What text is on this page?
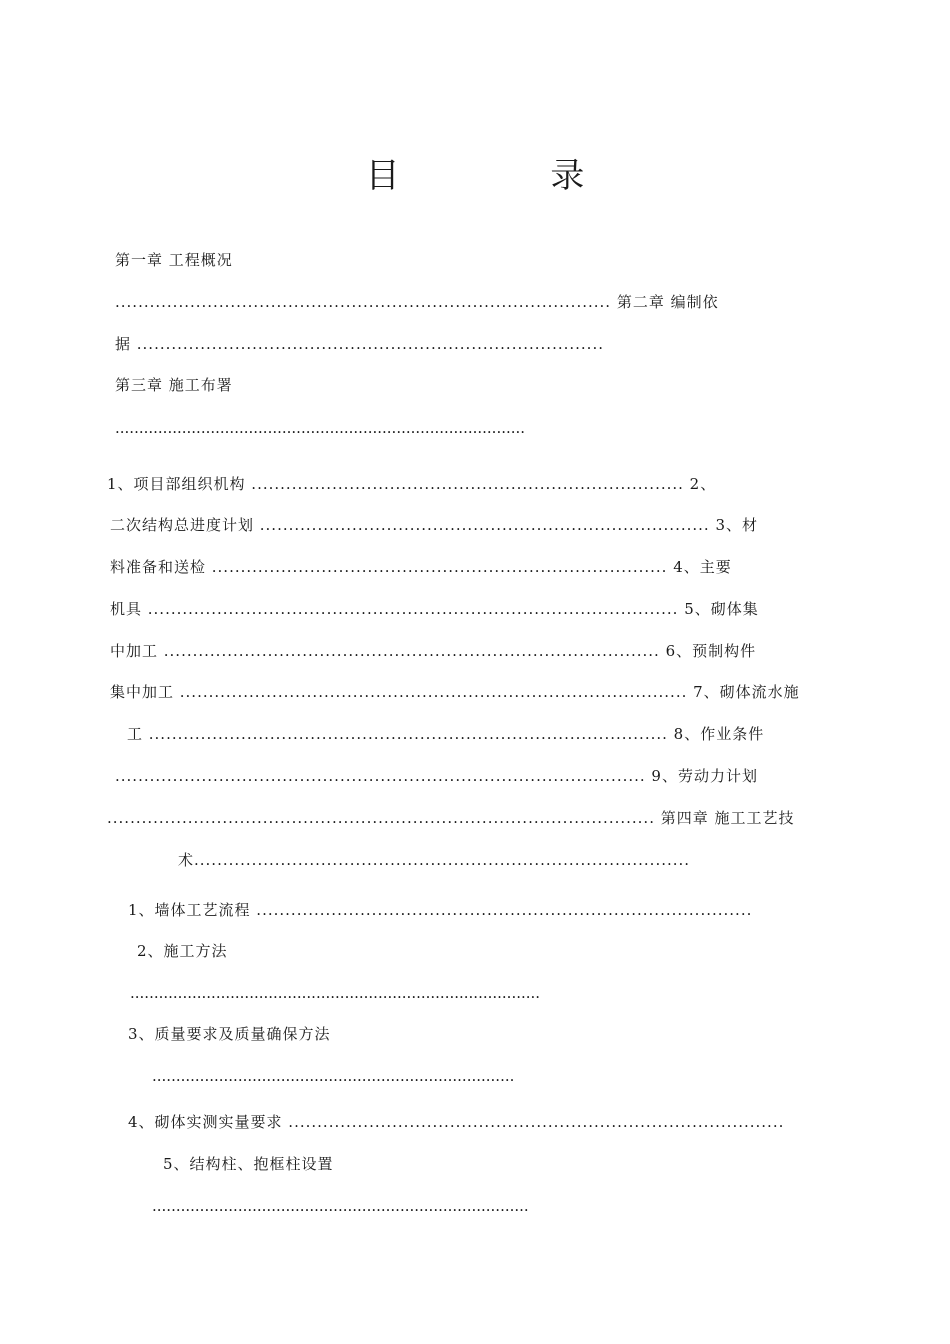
目 录
第一章 工程概况
...................................................................................... 第二章 编制依
据 .................................................................................
第三章 施工布署
......................................................................................
1、项目部组织机构 ........................................................................... 2、
二次结构总进度计划 .............................................................................. 3、材
料准备和送检 ............................................................................... 4、主要
机具 ............................................................................................ 5、砌体集
中加工 ...................................................................................... 6、预制构件
集中加工 ........................................................................................ 7、砌体流水施
工 .......................................................................................... 8、作业条件
............................................................................................ 9、劳动力计划
............................................................................................... 第四章 施工工艺技
术......................................................................................
1、墙体工艺流程 ......................................................................................
2、施工方法
......................................................................................
3、质量要求及质量确保方法
............................................................................
4、砌体实测实量要求 ......................................................................................
5、结构柱、抱框柱设置
...............................................................................
